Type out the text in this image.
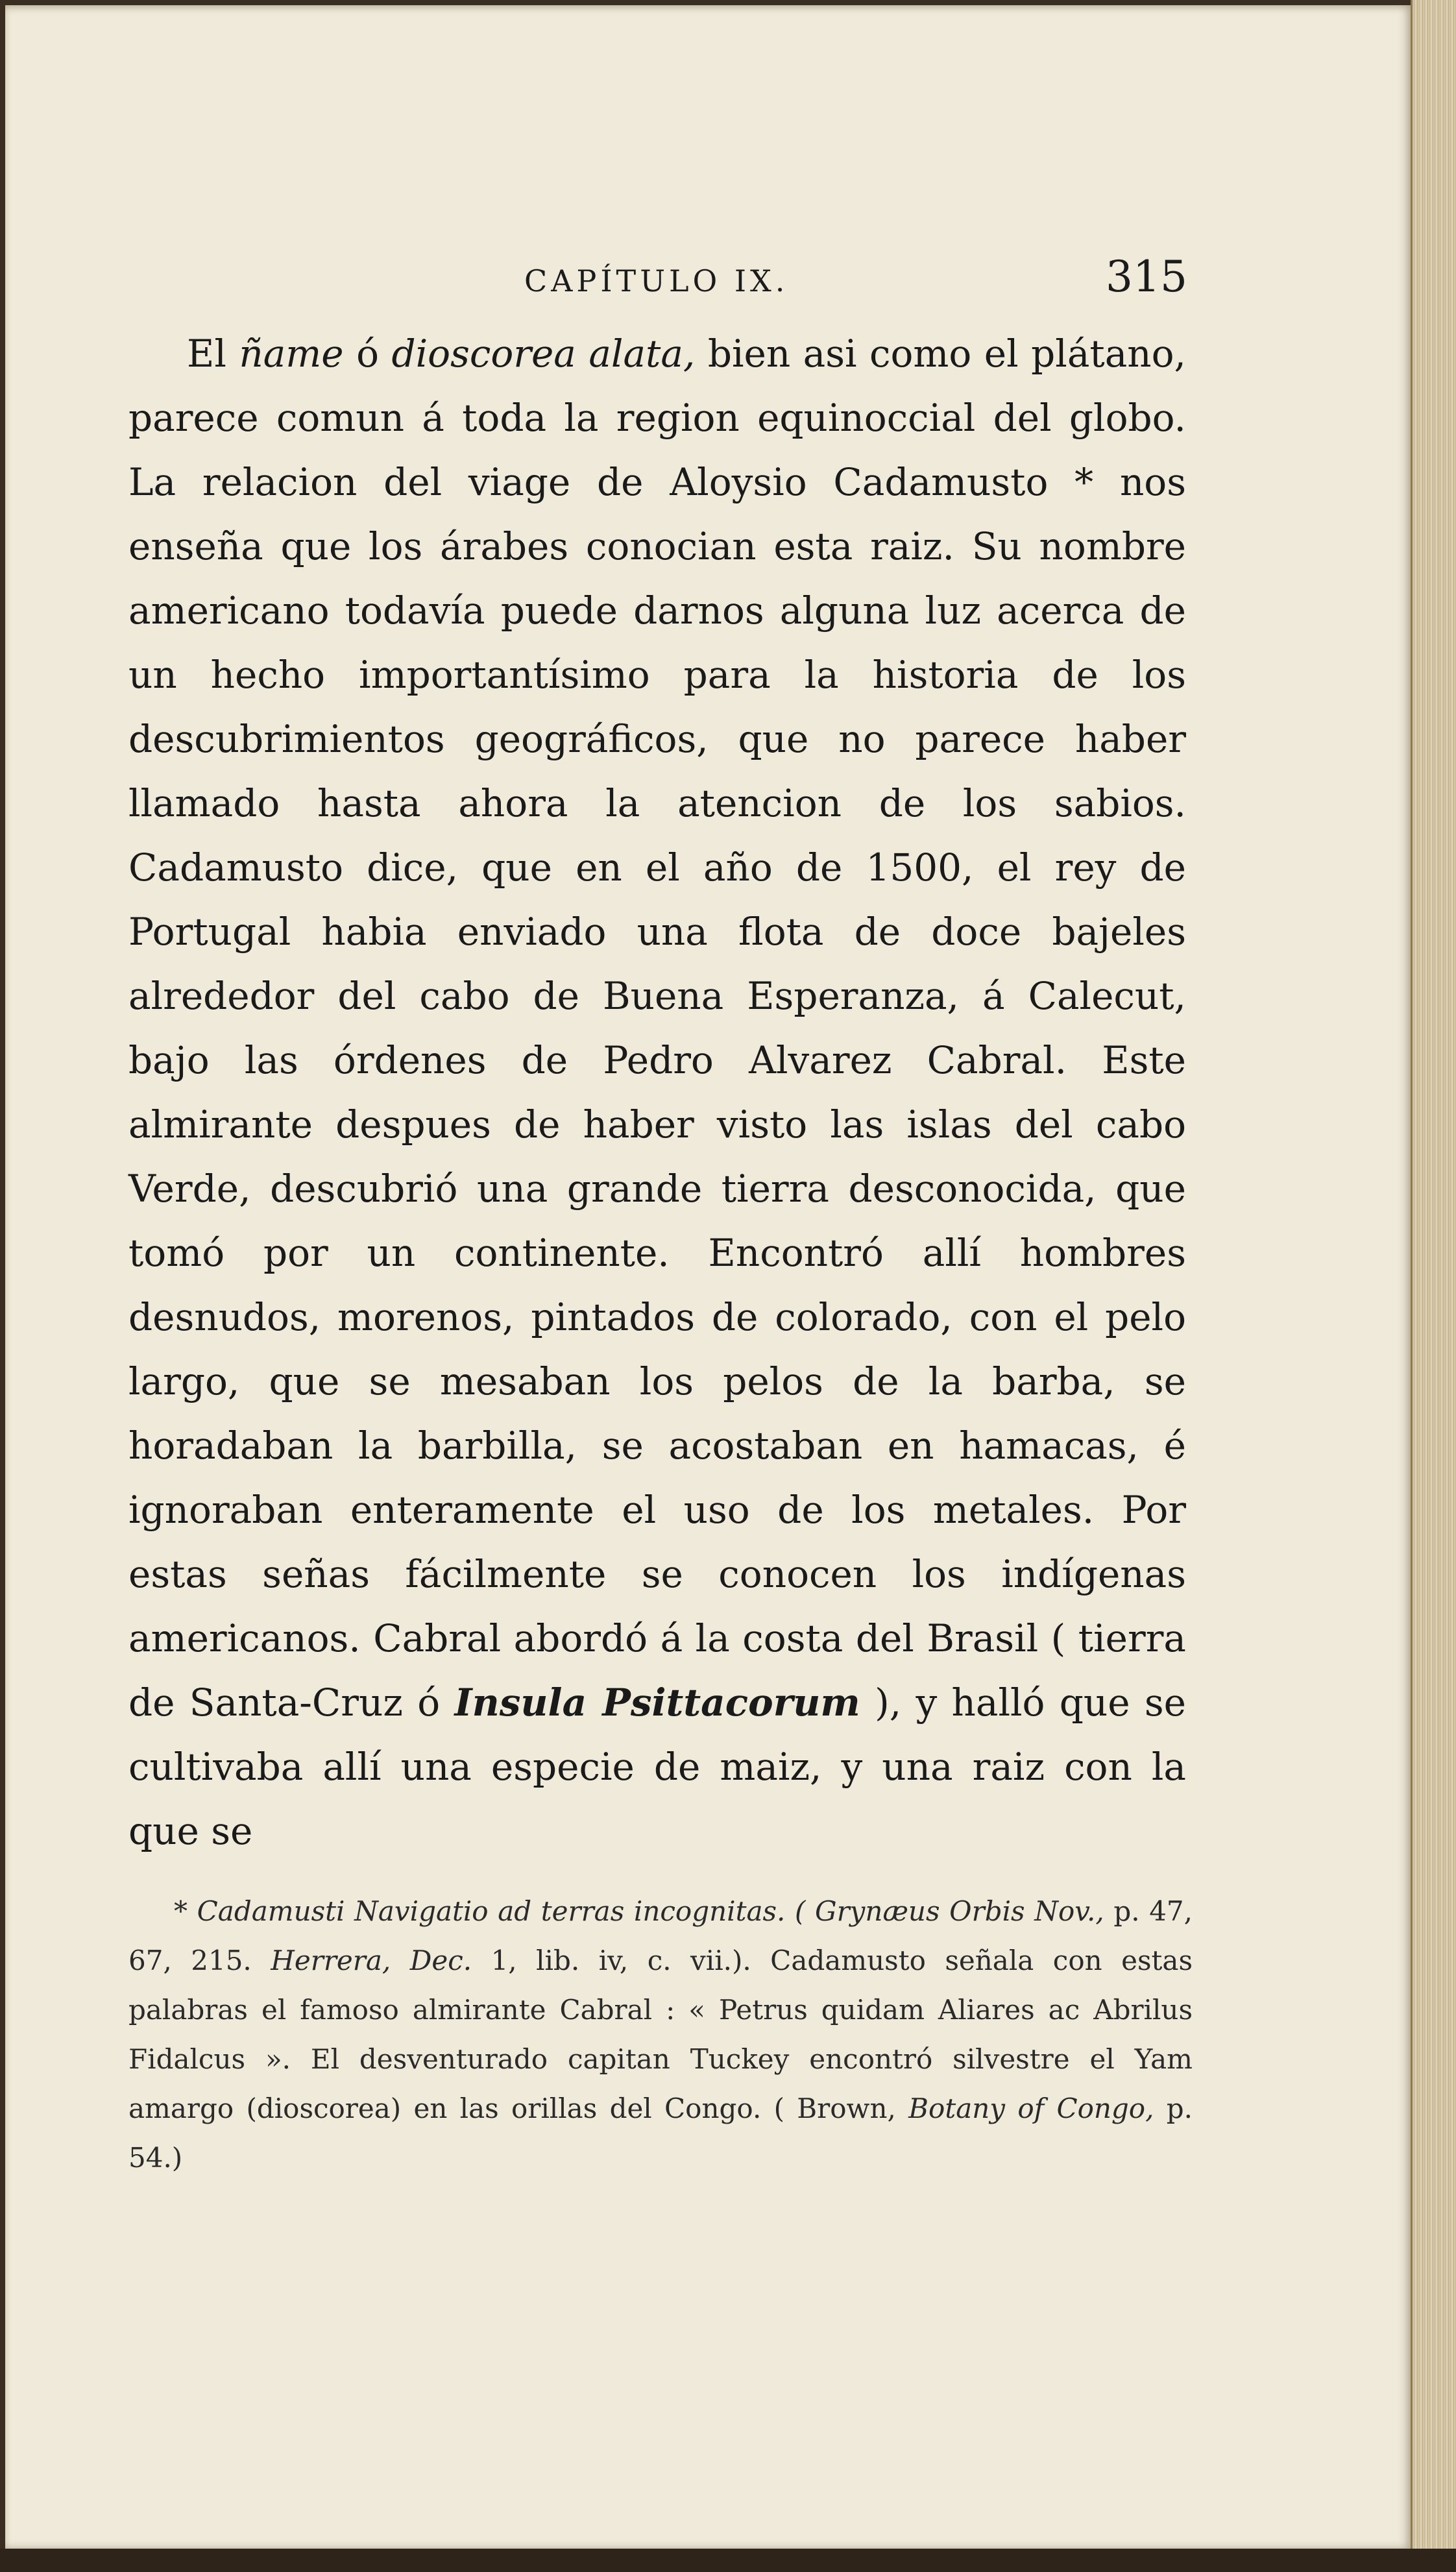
CAPÍTULO IX.	315

El ñame ó dioscorea alata, bien asi como el plátano, parece comun á toda la region equinoccial del globo. La relacion del viage de Aloysio Cadamusto * nos enseña que los árabes conocian esta raiz. Su nombre americano todavía puede darnos alguna luz acerca de un hecho importantísimo para la historia de los descubrimientos geográficos, que no parece haber llamado hasta ahora la atencion de los sabios. Cadamusto dice, que en el año de 1500, el rey de Portugal habia enviado una flota de doce bajeles alrededor del cabo de Buena Esperanza, á Calecut, bajo las órdenes de Pedro Alvarez Cabral. Este almirante despues de haber visto las islas del cabo Verde, descubrió una grande tierra desconocida, que tomó por un continente. Encontró allí hombres desnudos, morenos, pintados de colorado, con el pelo largo, que se mesaban los pelos de la barba, se horadaban la barbilla, se acostaban en hamacas, é ignoraban enteramente el uso de los metales. Por estas señas fácilmente se conocen los indígenas americanos. Cabral abordó á la costa del Brasil ( tierra de Santa-Cruz ó Insula Psittacorum ), y halló que se cultivaba allí una especie de maiz, y una raiz con la que se

* Cadamusti Navigatio ad terras incognitas. ( Grynæus Orbis Nov., p. 47, 67, 215. Herrera, Dec. 1, lib. iv, c. vii.). Cadamusto señala con estas palabras el famoso almirante Cabral : « Petrus quidam Aliares ac Abrilus Fidalcus ». El desventurado capitan Tuckey encontró silvestre el Yam amargo (dioscorea) en las orillas del Congo. ( Brown, Botany of Congo, p. 54.)
